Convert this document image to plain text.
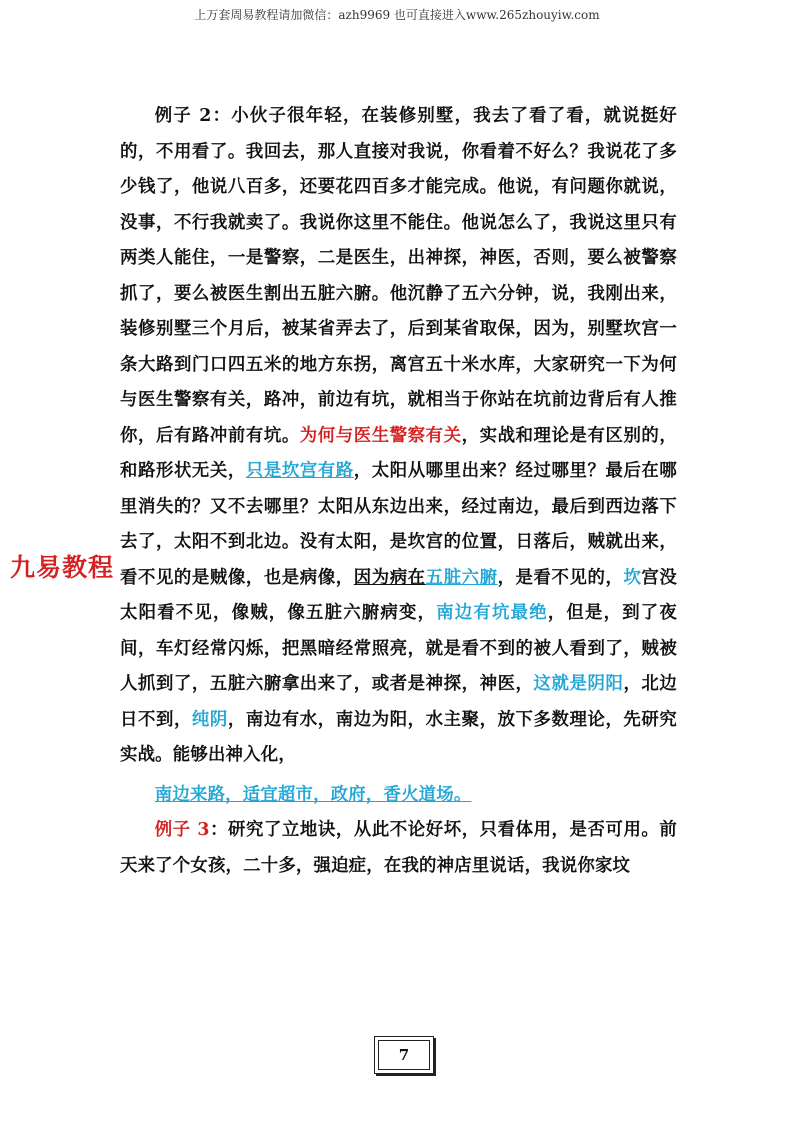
上万套周易教程请加微信：azh9969 也可直接进入www.265zhouyiw.com
九易教程

例子 2：小伙子很年轻，在装修别墅，我去了看了看，就说挺好的，不用看了。我回去，那人直接对我说，你看着不好么？我说花了多少钱了，他说八百多，还要花四百多才能完成。他说，有问题你就说，没事，不行我就卖了。我说你这里不能住。他说怎么了，我说这里只有两类人能住，一是警察，二是医生，出神探，神医，否则，要么被警察抓了，要么被医生割出五脏六腑。他沉静了五六分钟，说，我刚出来，装修别墅三个月后，被某省弄去了，后到某省取保，因为，别墅坎宫一条大路到门口四五米的地方东拐，离宫五十米水库，大家研究一下为何与医生警察有关，路冲，前边有坑，就相当于你站在坑前边背后有人推你，后有路冲前有坑。为何与医生警察有关，实战和理论是有区别的，和路形状无关，只是坎宫有路，太阳从哪里出来？经过哪里？最后在哪里消失的？又不去哪里？太阳从东边出来，经过南边，最后到西边落下去了，太阳不到北边。没有太阳，是坎宫的位置，日落后，贼就出来，看不见的是贼像，也是病像，因为病在五脏六腑，是看不见的，坎宫没太阳看不见，像贼，像五脏六腑病变，南边有坑最绝，但是，到了夜间，车灯经常闪烁，把黑暗经常照亮，就是看不到的被人看到了，贼被人抓到了，五脏六腑拿出来了，或者是神探，神医，这就是阴阳，北边日不到，纯阴，南边有水，南边为阳，水主聚，放下多数理论，先研究实战。能够出神入化，

南边来路，适宜超市，政府，香火道场。

例子 3：研究了立地诀，从此不论好坏，只看体用，是否可用。前天来了个女孩，二十多，强迫症，在我的神店里说话，我说你家坟

7
